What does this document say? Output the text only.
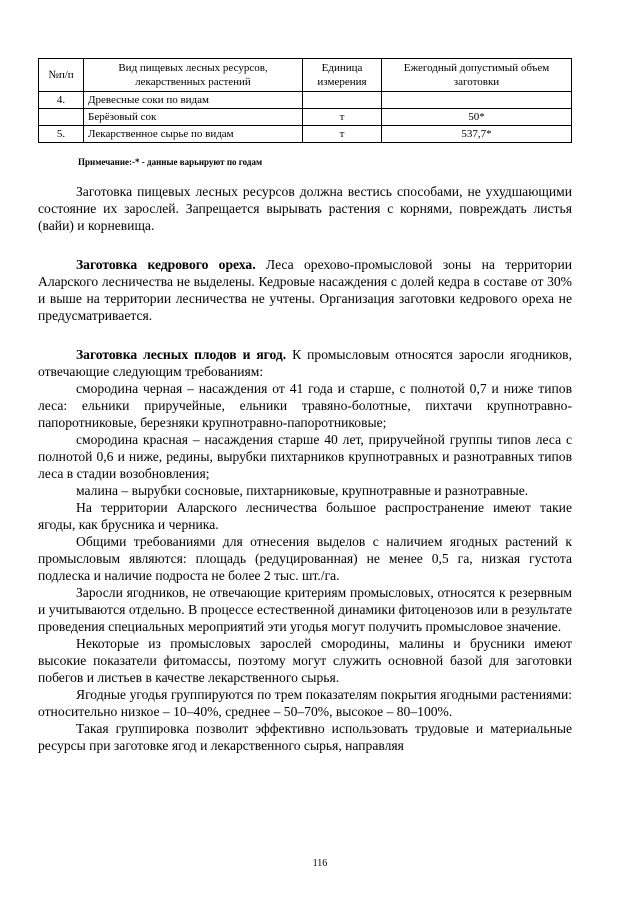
№п/п	Вид пищевых лесных ресурсов, лекарственных растений	Единица измерения	Ежегодный допустимый объем заготовки
4.	Древесные соки по видам		
	Берёзовый сок	т	50*
5.	Лекарственное сырье по видам	т	537,7*
Примечание:-* - данные варьируют по годам

Заготовка пищевых лесных ресурсов должна вестись способами, не ухудшающими состояние их зарослей. Запрещается вырывать растения с корнями, повреждать листья (вайи) и корневища.

Заготовка кедрового ореха. Леса орехово-промысловой зоны на территории Аларского лесничества не выделены. Кедровые насаждения с долей кедра в составе от 30% и выше на территории лесничества не учтены. Организация заготовки кедрового ореха не предусматривается.

Заготовка лесных плодов и ягод. К промысловым относятся заросли ягодников, отвечающие следующим требованиям:

смородина черная – насаждения от 41 года и старше, с полнотой 0,7 и ниже типов леса: ельники приручейные, ельники травяно-болотные, пихтачи крупнотравно-папоротниковые, березняки крупнотравно-папоротниковые;

смородина красная – насаждения старше 40 лет, приручейной группы типов леса с полнотой 0,6 и ниже, редины, вырубки пихтарников крупнотравных и разнотравных типов леса в стадии возобновления;

малина – вырубки сосновые, пихтарниковые, крупнотравные и разнотравные.

На территории Аларского лесничества большое распространение имеют такие ягоды, как брусника и черника.

Общими требованиями для отнесения выделов с наличием ягодных растений к промысловым являются: площадь (редуцированная) не менее 0,5 га, низкая густота подлеска и наличие подроста не более 2 тыс. шт./га.

Заросли ягодников, не отвечающие критериям промысловых, относятся к резервным и учитываются отдельно. В процессе естественной динамики фитоценозов или в результате проведения специальных мероприятий эти угодья могут получить промысловое значение.

Некоторые из промысловых зарослей смородины, малины и брусники имеют высокие показатели фитомассы, поэтому могут служить основной базой для заготовки побегов и листьев в качестве лекарственного сырья.

Ягодные угодья группируются по трем показателям покрытия ягодными растениями: относительно низкое – 10–40%, среднее – 50–70%, высокое – 80–100%.

Такая группировка позволит эффективно использовать трудовые и материальные ресурсы при заготовке ягод и лекарственного сырья, направляя

116
